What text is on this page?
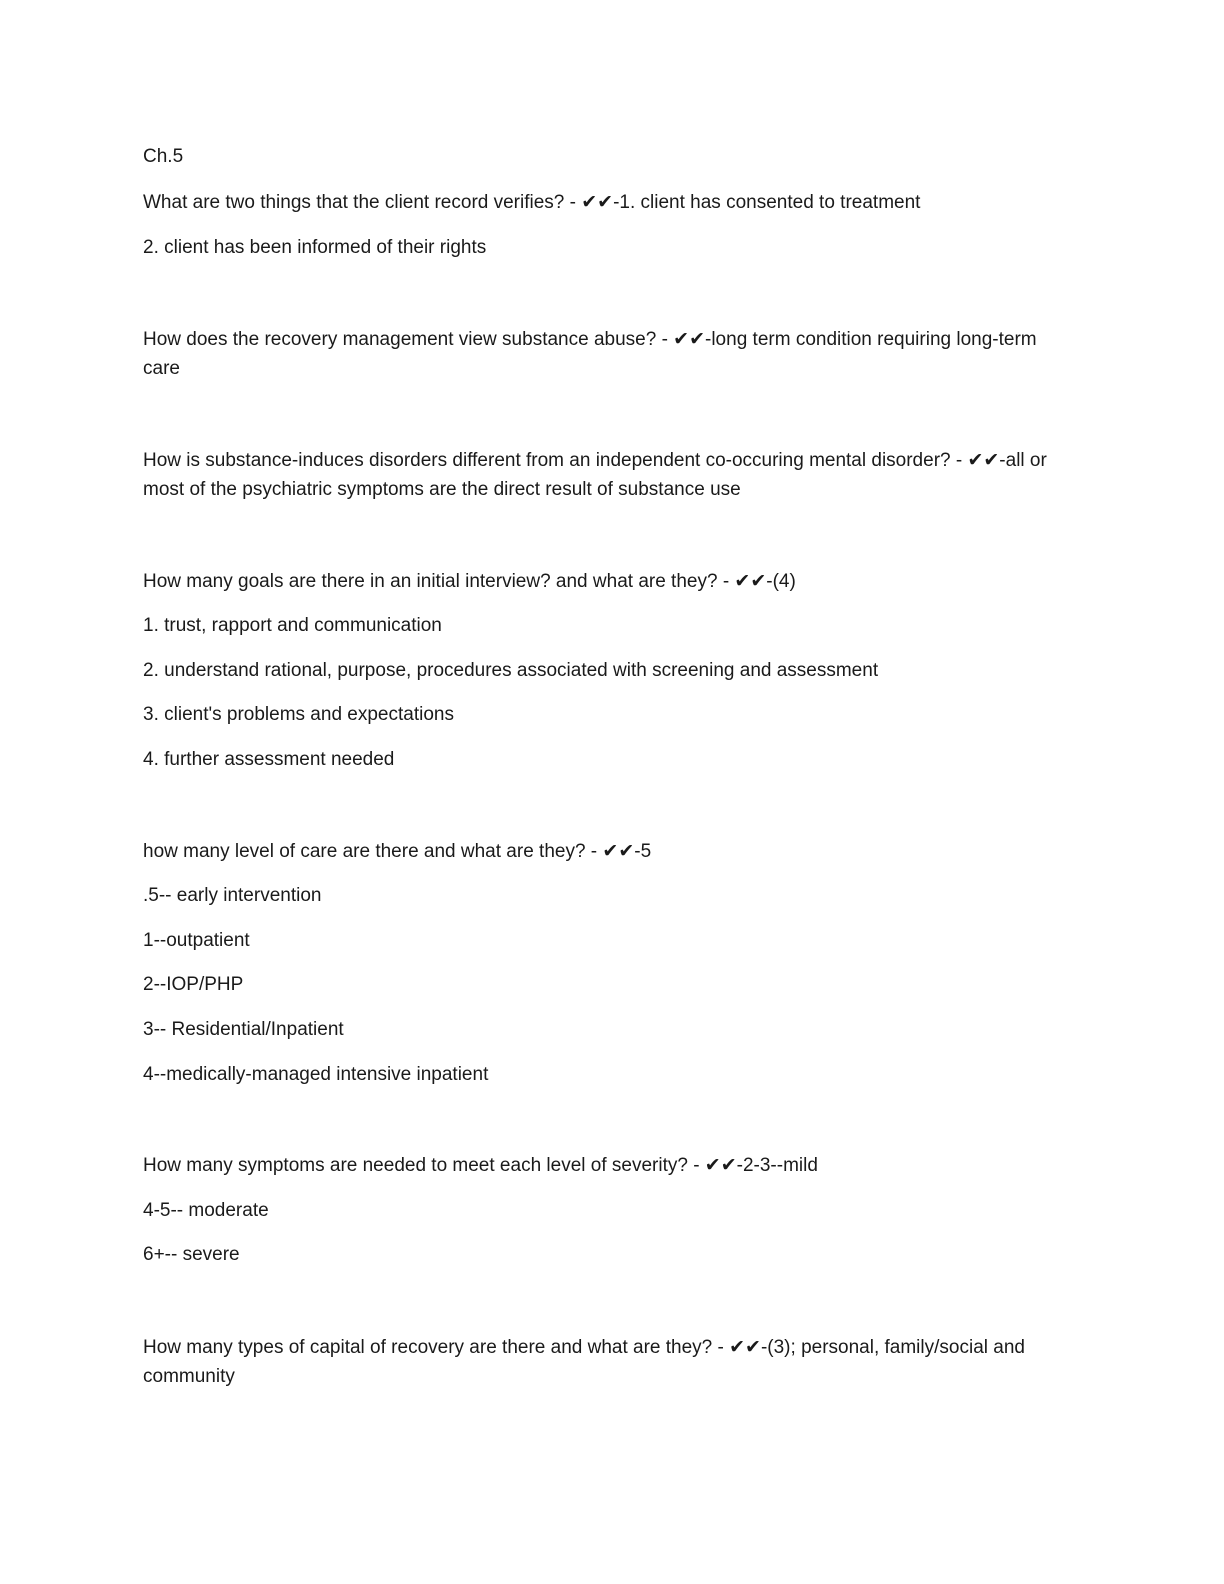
Ch.5
What are two things that the client record verifies? - ✔✔-1. client has consented to treatment
2. client has been informed of their rights
How does the recovery management view substance abuse? - ✔✔-long term condition requiring long-term care
How is substance-induces disorders different from an independent co-occuring mental disorder? - ✔✔-all or most of the psychiatric symptoms are the direct result of substance use
How many goals are there in an initial interview? and what are they? - ✔✔-(4)
1. trust, rapport and communication
2. understand rational, purpose, procedures associated with screening and assessment
3. client's problems and expectations
4. further assessment needed
how many level of care are there and what are they? - ✔✔-5
.5-- early intervention
1--outpatient
2--IOP/PHP
3-- Residential/Inpatient
4--medically-managed intensive inpatient
How many symptoms are needed to meet each level of severity? - ✔✔-2-3--mild
4-5-- moderate
6+-- severe
How many types of capital of recovery are there and what are they? - ✔✔-(3); personal, family/social and community
